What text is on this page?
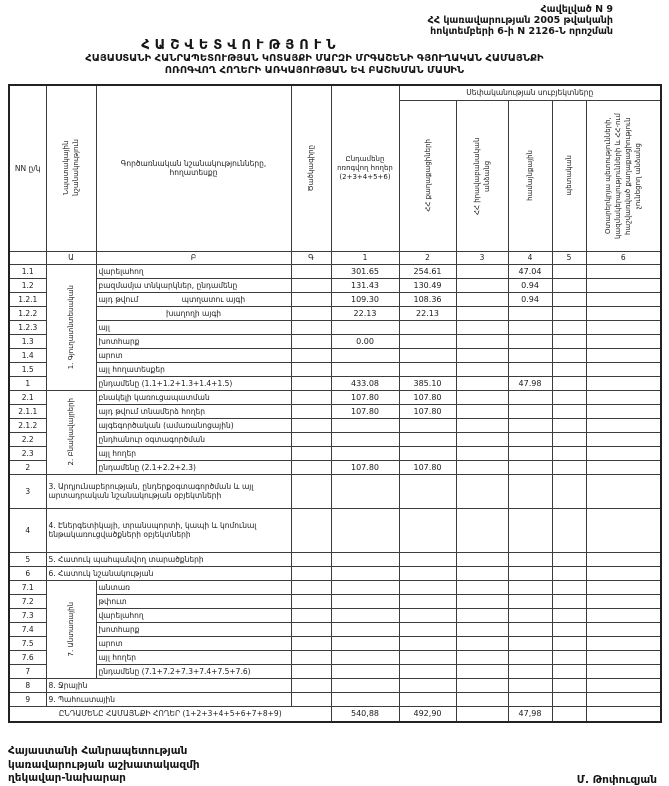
Հավելված N 9
ՀՀ կառավարության 2005 թվականի
հոկտեմբերի 6-ի N 2126-Ն որոշման
ՀԱՇՎԵՏՎՈՒԹՅՈՒՆ
ՀԱՅԱՍՏԱՆԻ ՀԱՆՐԱՊԵՏՈՒԹՅԱՆ ԿՈՏԱՅՔԻ ՄԱՐԶԻ ՄՐԳԱՇԵՆԻ ԳՅՈՒՂԱԿԱՆ ՀԱՄԱՅՆՔԻ
ՈՌՈԳՎՈՂ ՀՈՂԵՐԻ ԱՌԿԱՅՈՒԹՅԱՆ ԵՎ ԲԱՇԽՄԱՆ ՄԱՍԻՆ
NN ը/կ	Նպատակային նշանակություն	Գործառնական նշանակությունները, հողատեսքը	Ծածկագիրը	Ընդամենը ոռոգվող հողեր (2+3+4+5+6)	Սեփականության սուբյեկտները				

					ՀՀ քաղաքացիների	ՀՀ իրավաբանական անձանց	համայնքային	պետական	Օտարերկրյա պետությունների, կազմակերպությունների և ՀՀ-ում հաշվառված քաղաքացիություն չունեցող անձանց

	Ա	Բ	Գ	1	2	3	4	5	6
1.1	1. Գյուղատնտեսական	վարելահող		301.65	254.61		47.04		
1.2		բազմամյա տնկարկներ, ընդամենը		131.43	130.49		0.94		
1.2.1		այդ թվում պտղատու այգի		109.30	108.36		0.94		
1.2.2		խաղողի այգի		22.13	22.13				
1.2.3		այլ							
1.3		խոտհարք		0.00					
1.4		արոտ							
1.5		այլ հողատեսքեր							
1		ընդամենը (1.1+1.2+1.3+1.4+1.5)		433.08	385.10		47.98		
2.1	2. Բնակավայրերի	բնակելի կառուցապատման		107.80	107.80				
2.1.1		այդ թվում տնամերձ հողեր		107.80	107.80				
2.1.2		այգեգործական (ամառանոցային)							
2.2		ընդհանուր օգտագործման							
2.3		այլ հողեր							
2		ընդամենը (2.1+2.2+2.3)		107.80	107.80				
3	3. Արդյունաբերության, ընդերքօգտագործման և այլ արտադրական նշանակության օբյեկտների								
4	4. Էներգետիկայի, տրանսպորտի, կապի և կոմունալ ենթակառուցվածքների օբյեկտների								
5	5. Հատուկ պահպանվող տարածքների								
6	6. Հատուկ նշանակության								
7.1	7. Անտառային	անտառ							
7.2		թփուտ							
7.3		վարելահող							
7.4		խոտհարք							
7.5		արոտ							
7.6		այլ հողեր							
7		ընդամենը (7.1+7.2+7.3+7.4+7.5+7.6)							
8	8. Ջրային								
9	9. Պահուստային								
ԸՆԴԱՄԵՆԸ ՀԱՄԱՅՆՔԻ ՀՈՂԵՐ (1+2+3+4+5+6+7+8+9)				540,88	492,90		47,98		
Հայաստանի Հանրապետության
կառավարության աշխատակազմի
ղեկավար-նախարար	Մ. Թոփուզյան
